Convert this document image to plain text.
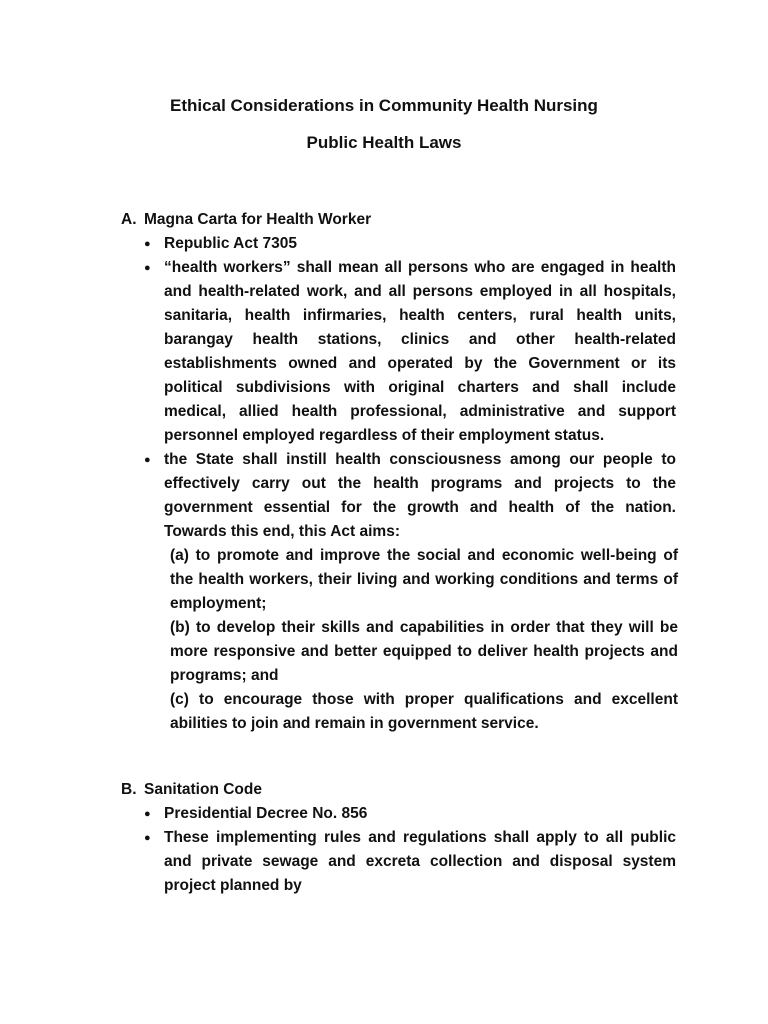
Ethical Considerations in Community Health Nursing
Public Health Laws
A. Magna Carta for Health Worker
● Republic Act 7305
● “health workers” shall mean all persons who are engaged in health and health-related work, and all persons employed in all hospitals, sanitaria, health infirmaries, health centers, rural health units, barangay health stations, clinics and other health-related establishments owned and operated by the Government or its political subdivisions with original charters and shall include medical, allied health professional, administrative and support personnel employed regardless of their employment status.
● the State shall instill health consciousness among our people to effectively carry out the health programs and projects to the government essential for the growth and health of the nation. Towards this end, this Act aims:
(a) to promote and improve the social and economic well-being of the health workers, their living and working conditions and terms of employment;
(b) to develop their skills and capabilities in order that they will be more responsive and better equipped to deliver health projects and programs; and
(c) to encourage those with proper qualifications and excellent abilities to join and remain in government service.
B. Sanitation Code
● Presidential Decree No. 856
● These implementing rules and regulations shall apply to all public and private sewage and excreta collection and disposal system project planned by
